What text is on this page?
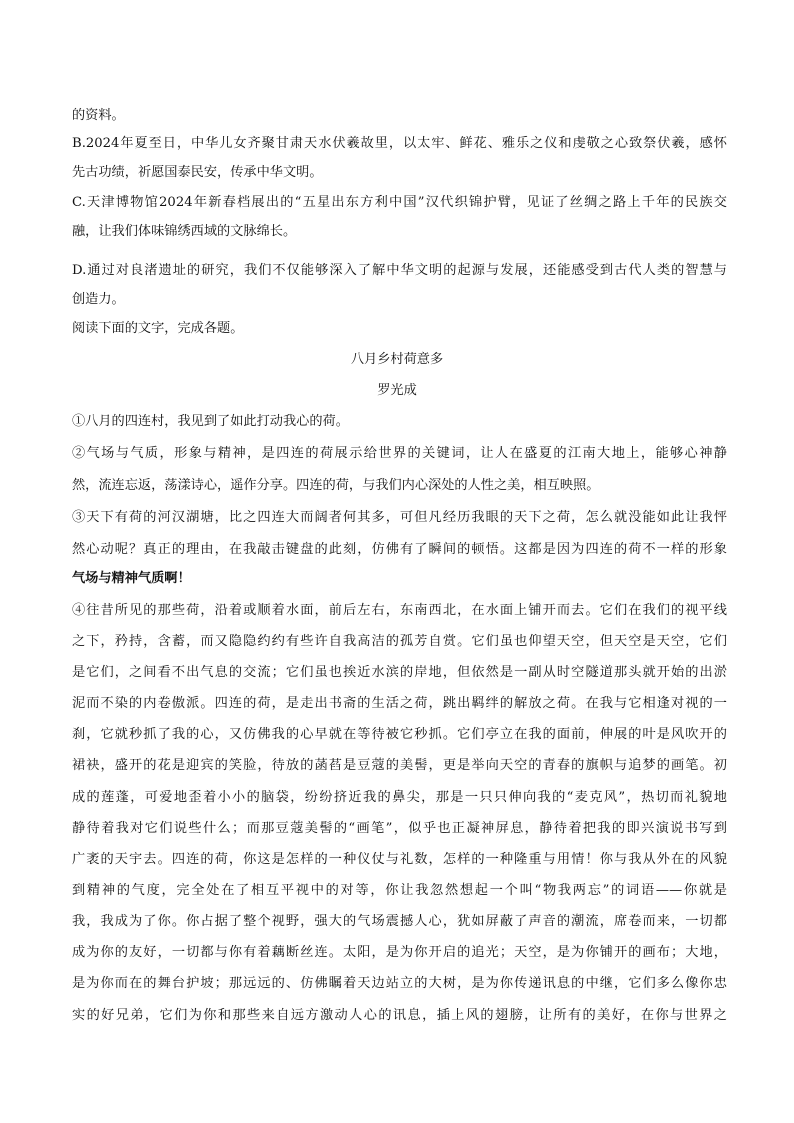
的资料。
B.2024年夏至日，中华儿女齐聚甘肃天水伏羲故里，以太牢、鲜花、雅乐之仪和虔敬之心致祭伏羲，感怀
先古功绩，祈愿国泰民安，传承中华文明。
C.天津博物馆2024年新春档展出的“五星出东方利中国”汉代织锦护臂，见证了丝绸之路上千年的民族交
融，让我们体味锦绣西域的文脉绵长。
D.通过对良渚遗址的研究，我们不仅能够深入了解中华文明的起源与发展，还能感受到古代人类的智慧与
创造力。
阅读下面的文字，完成各题。
八月乡村荷意多
罗光成
①八月的四连村，我见到了如此打动我心的荷。
②气场与气质，形象与精神，是四连的荷展示给世界的关键词，让人在盛夏的江南大地上，能够心神静
然，流连忘返，荡漾诗心，遥作分享。四连的荷，与我们内心深处的人性之美，相互映照。
③天下有荷的河汉湖塘，比之四连大而阔者何其多，可但凡经历我眼的天下之荷，怎么就没能如此让我怦
然心动呢？真正的理由，在我敲击键盘的此刻，仿佛有了瞬间的顿悟。这都是因为四连的荷不一样的形象
气场与精神气质啊！
④往昔所见的那些荷，沿着或顺着水面，前后左右，东南西北，在水面上铺开而去。它们在我们的视平线
之下，矜持，含蓄，而又隐隐约约有些许自我高洁的孤芳自赏。它们虽也仰望天空，但天空是天空，它们
是它们，之间看不出气息的交流；它们虽也挨近水滨的岸地，但依然是一副从时空隧道那头就开始的出淤
泥而不染的内卷傲派。四连的荷，是走出书斋的生活之荷，跳出羁绊的解放之荷。在我与它相逢对视的一
刹，它就秒抓了我的心，又仿佛我的心早就在等待被它秒抓。它们亭立在我的面前，伸展的叶是风吹开的
裙袂，盛开的花是迎宾的笑脸，待放的菡萏是豆蔻的美髻，更是举向天空的青春的旗帜与追梦的画笔。初
成的莲蓬，可爱地歪着小小的脑袋，纷纷挤近我的鼻尖，那是一只只伸向我的“麦克风”，热切而礼貌地
静待着我对它们说些什么；而那豆蔻美髻的“画笔”，似乎也正凝神屏息，静待着把我的即兴演说书写到
广袤的天宇去。四连的荷，你这是怎样的一种仪仗与礼数，怎样的一种隆重与用情！你与我从外在的风貌
到精神的气度，完全处在了相互平视中的对等，你让我忽然想起一个叫“物我两忘”的词语——你就是
我，我成为了你。你占据了整个视野，强大的气场震撼人心，犹如屏蔽了声音的潮流，席卷而来，一切都
成为你的友好，一切都与你有着藕断丝连。太阳，是为你开启的追光；天空，是为你铺开的画布；大地，
是为你而在的舞台护坡；那远远的、仿佛瞩着天边站立的大树，是为你传递讯息的中继，它们多么像你忠
实的好兄弟，它们为你和那些来自远方激动人心的讯息，插上风的翅膀，让所有的美好，在你与世界之
